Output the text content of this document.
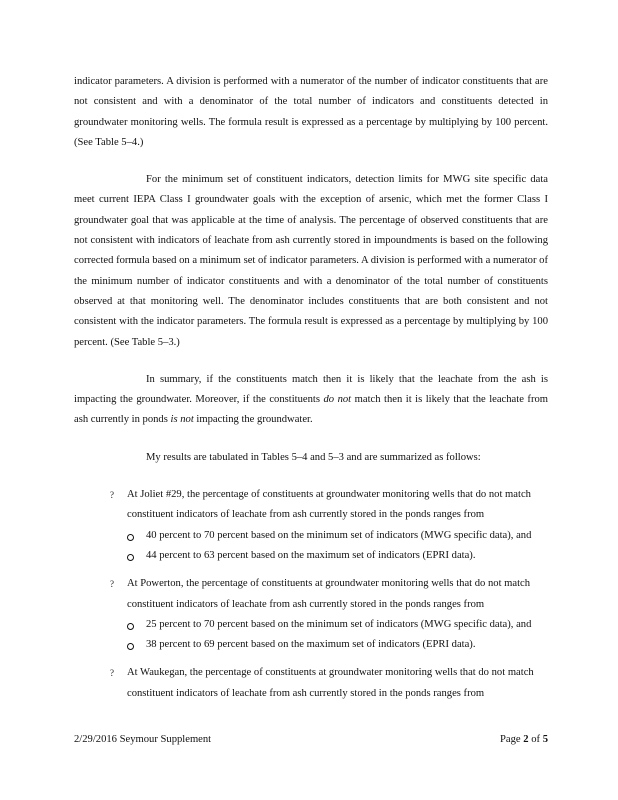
indicator parameters. A division is performed with a numerator of the number of indicator constituents that are not consistent and with a denominator of the total number of indicators and constituents detected in groundwater monitoring wells. The formula result is expressed as a percentage by multiplying by 100 percent. (See Table 5–4.)

For the minimum set of constituent indicators, detection limits for MWG site specific data meet current IEPA Class I groundwater goals with the exception of arsenic, which met the former Class I groundwater goal that was applicable at the time of analysis. The percentage of observed constituents that are not consistent with indicators of leachate from ash currently stored in impoundments is based on the following corrected formula based on a minimum set of indicator parameters. A division is performed with a numerator of the minimum number of indicator constituents and with a denominator of the total number of constituents observed at that monitoring well. The denominator includes constituents that are both consistent and not consistent with the indicator parameters. The formula result is expressed as a percentage by multiplying by 100 percent. (See Table 5–3.)

In summary, if the constituents match then it is likely that the leachate from the ash is impacting the groundwater. Moreover, if the constituents do not match then it is likely that the leachate from ash currently in ponds is not impacting the groundwater.

My results are tabulated in Tables 5–4 and 5–3 and are summarized as follows:

? At Joliet #29, the percentage of constituents at groundwater monitoring wells that do not match constituent indicators of leachate from ash currently stored in the ponds ranges from
40 percent to 70 percent based on the minimum set of indicators (MWG specific data), and
44 percent to 63 percent based on the maximum set of indicators (EPRI data).
? At Powerton, the percentage of constituents at groundwater monitoring wells that do not match constituent indicators of leachate from ash currently stored in the ponds ranges from
25 percent to 70 percent based on the minimum set of indicators (MWG specific data), and
38 percent to 69 percent based on the maximum set of indicators (EPRI data).
? At Waukegan, the percentage of constituents at groundwater monitoring wells that do not match constituent indicators of leachate from ash currently stored in the ponds ranges from
2/29/2016 Seymour Supplement	Page 2 of 5
